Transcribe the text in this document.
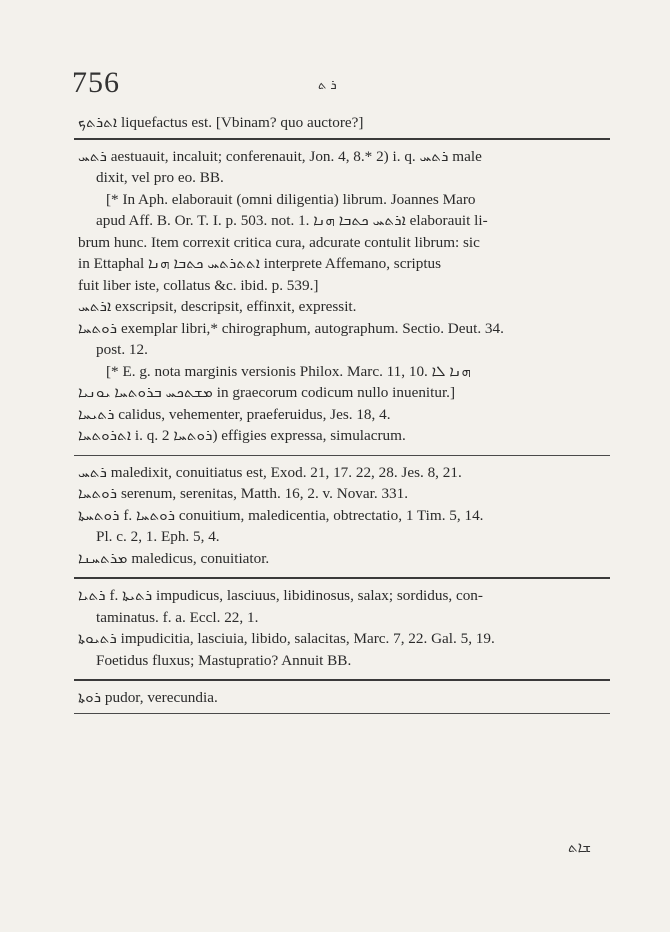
756	ܪ ܬ
ܐܬܪܬܟ liquefactus est. [Vbinam? quo auctore?]
ܪܬܚ aestuauit, incaluit; conferenauit, Jon. 4, 8.* 2) i. q. ܪܬܚ male
dixit, vel pro eo. BB.
[* In Aph. elaborauit (omni diligentia) librum. Joannes Maro
apud Aff. B. Or. T. I. p. 503. not. 1. ܐܪܬܚ ܟܬܒܐ ܗܢܐ elaborauit li-
brum hunc. Item correxit critica cura, adcurate contulit librum: sic
in Ettaphal ܐܬܬܪܬܚ ܟܬܒܐ ܗܢܐ interprete Affemano, scriptus
fuit liber iste, collatus &c. ibid. p. 539.]
ܐܪܬܚ exscripsit, descripsit, effinxit, expressit.
ܪܘܬܚܐ exemplar libri,* chirographum, autographum. Sectio. Deut. 34.
post. 12.
[* E. g. nota marginis versionis Philox. Marc. 11, 10. ܗܢܐ ܠܐ
ܡܫܬܟܚ ܒܪܘܬܚܐ ܝܘܢܝܐ in graecorum codicum nullo inuenitur.]
ܪܬܝܚܐ calidus, vehementer, praeferuidus, Jes. 18, 4.
ܐܬܪܘܬܚܐ i. q. ܪܘܬܚܐ 2) effigies expressa, simulacrum.
ܪܬܚ maledixit, conuitiatus est, Exod. 21, 17. 22, 28. Jes. 8, 21.
ܪܘܬܚܐ serenum, serenitas, Matth. 16, 2. v. Novar. 331.
ܪܘܬܚܬܐ f. ܪܘܬܚܐ conuitium, maledicentia, obtrectatio, 1 Tim. 5, 14.
Pl. c. 2, 1. Eph. 5, 4.
ܡܪܬܚܢܐ maledicus, conuitiator.
ܪܬܝܐ f. ܪܬܝܬܐ impudicus, lasciuus, libidinosus, salax; sordidus, con-
taminatus. f. a. Eccl. 22, 1.
ܪܬܝܘܬܐ impudicitia, lasciuia, libido, salacitas, Marc. 7, 22. Gal. 5, 19.
Foetidus fluxus; Mastupratio? Annuit BB.
ܪܘܬܐ pudor, verecundia.
ܫܐܬ
